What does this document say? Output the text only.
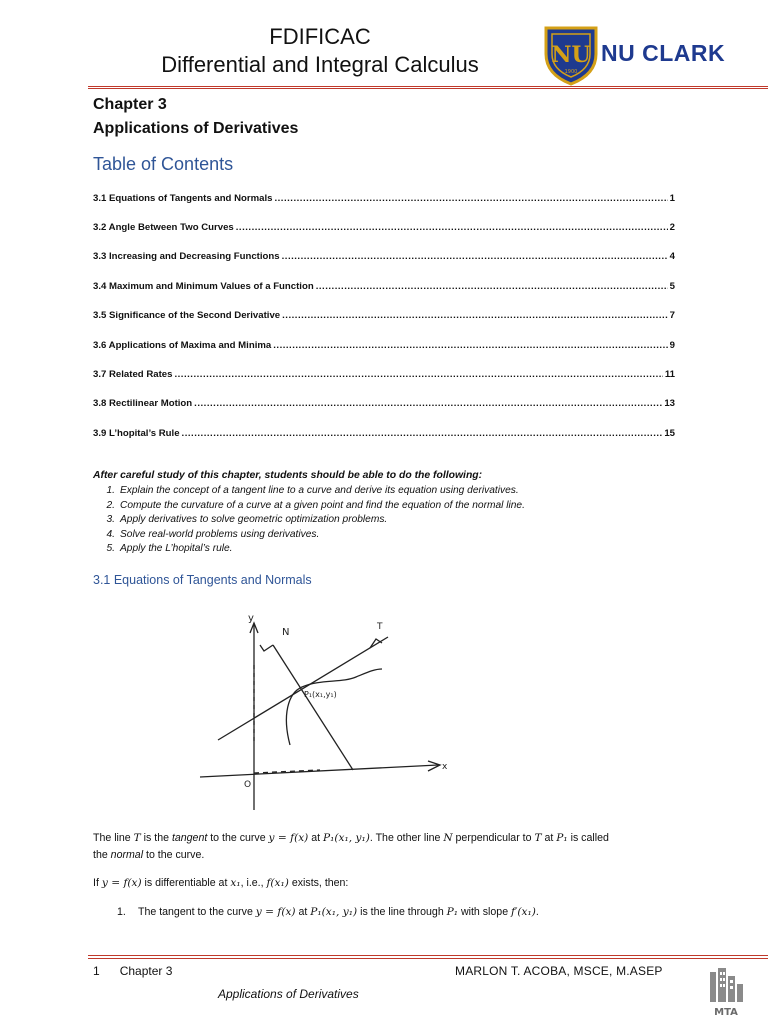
FDIFICAC
Differential and Integral Calculus	NU
1900
NU CLARK
Chapter 3
Applications of Derivatives
Table of Contents
3.1 Equations of Tangents and Normals .....	1
3.2 Angle Between Two Curves .....	2
3.3 Increasing and Decreasing Functions .....	4
3.4 Maximum and Minimum Values of a Function .....	5
3.5 Significance of the Second Derivative .....	7
3.6 Applications of Maxima and Minima .....	9
3.7 Related Rates .....	11
3.8 Rectilinear Motion .....	13
3.9 L’hopital’s Rule .....	15
After careful study of this chapter, students should be able to do the following:
1. Explain the concept of a tangent line to a curve and derive its equation using derivatives.
2. Compute the curvature of a curve at a given point and find the equation of the normal line.
3. Apply derivatives to solve geometric optimization problems.
4. Solve real-world problems using derivatives.
5. Apply the L’hopital’s rule.
3.1 Equations of Tangents and Normals
y
x
N	T
O
P₁(x₁,y₁)
The line T is the tangent to the curve y = f(x) at P₁(x₁, y₁). The other line N perpendicular to T at P₁ is called
the normal to the curve.
If y = f(x) is differentiable at x₁, i.e., f(x₁) exists, then:
1. The tangent to the curve y = f(x) at P₁(x₁, y₁) is the line through P₁ with slope f′(x₁).
1 Chapter 3	MARLON T. ACOBA, MSCE, M.ASEP
Applications of Derivatives
MTA
